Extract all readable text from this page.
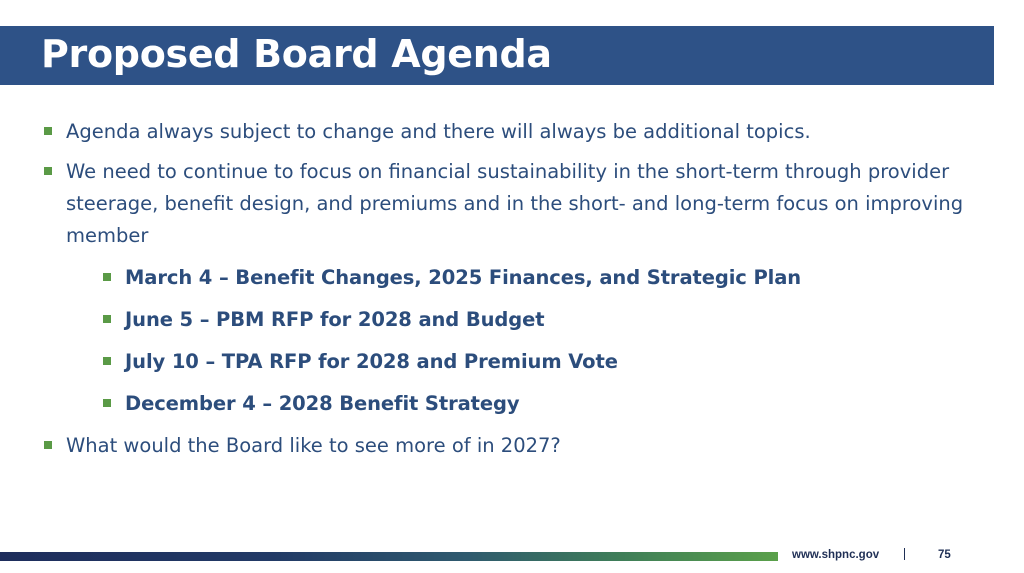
Proposed Board Agenda

Agenda always subject to change and there will always be additional topics.

We need to continue to focus on financial sustainability in the short-term through provider steerage, benefit design, and premiums and in the short- and long-term focus on improving member

March 4 – Benefit Changes, 2025 Finances, and Strategic Plan

June 5 – PBM RFP for 2028 and Budget

July 10 – TPA RFP for 2028 and Premium Vote

December 4 – 2028 Benefit Strategy

What would the Board like to see more of in 2027?

www.shpnc.gov	75
